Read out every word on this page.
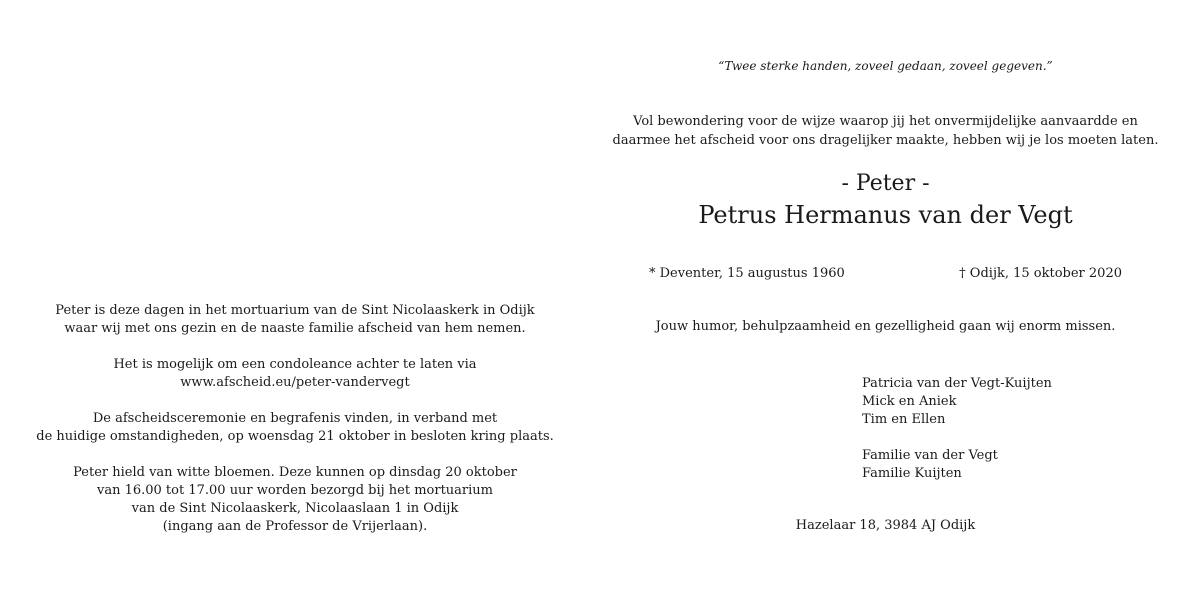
Peter is deze dagen in het mortuarium van de Sint Nicolaaskerk in Odijk
waar wij met ons gezin en de naaste familie afscheid van hem nemen.

Het is mogelijk om een condoleance achter te laten via
www.afscheid.eu/peter-vandervegt

De afscheidsceremonie en begrafenis vinden, in verband met
de huidige omstandigheden, op woensdag 21 oktober in besloten kring plaats.

Peter hield van witte bloemen. Deze kunnen op dinsdag 20 oktober
van 16.00 tot 17.00 uur worden bezorgd bij het mortuarium
van de Sint Nicolaaskerk, Nicolaaslaan 1 in Odijk
(ingang aan de Professor de Vrijerlaan).

“Twee sterke handen, zoveel gedaan, zoveel gegeven.”
Vol bewondering voor de wijze waarop jij het onvermijdelijke aanvaardde en
daarmee het afscheid voor ons dragelijker maakte, hebben wij je los moeten laten.
- Peter -
Petrus Hermanus van der Vegt
* Deventer, 15 augustus 1960	† Odijk, 15 oktober 2020
Jouw humor, behulpzaamheid en gezelligheid gaan wij enorm missen.
Patricia van der Vegt-Kuijten
Mick en Aniek
Tim en Ellen
Familie van der Vegt
Familie Kuijten
Hazelaar 18, 3984 AJ Odijk
